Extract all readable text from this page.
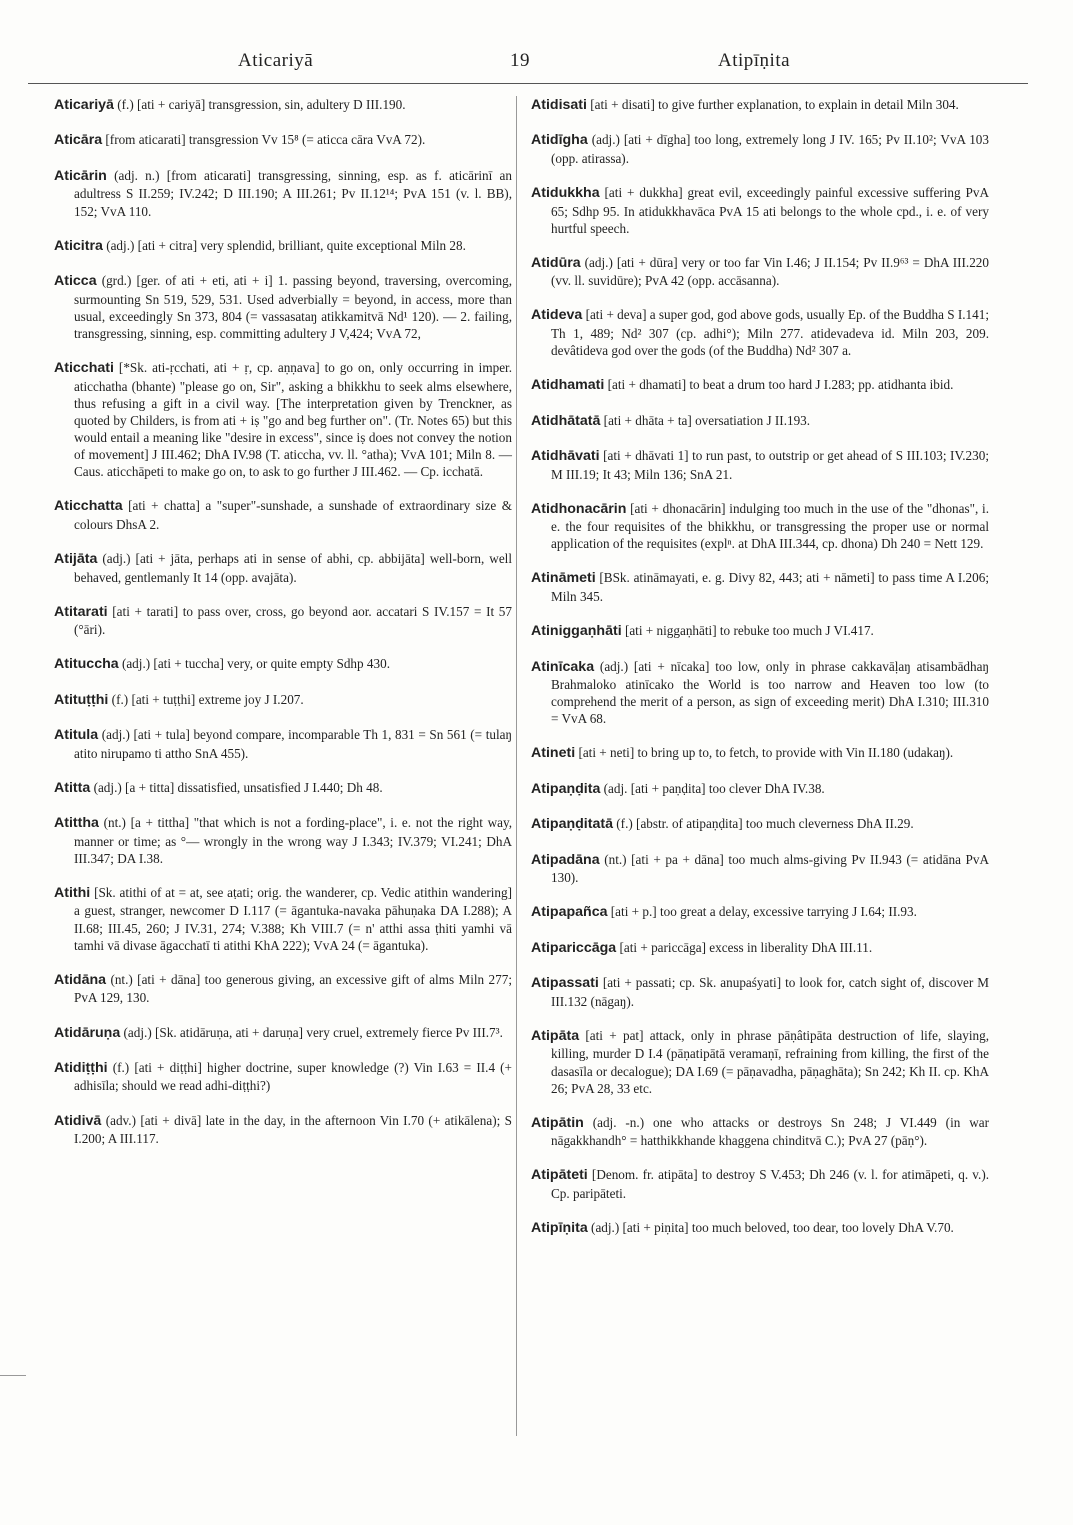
Aticariyā	19	Atipīṇita

Aticariyā (f.) [ati + cariyā] transgression, sin, adultery D III.190.

Aticāra [from aticarati] transgression Vv 15⁸ (= aticca cāra VvA 72).

Aticārin (adj. n.) [from aticarati] transgressing, sinning, esp. as f. aticārinī an adultress S II.259; IV.242; D III.190; A III.261; Pv II.12¹⁴; PvA 151 (v. l. BB), 152; VvA 110.

Aticitra (adj.) [ati + citra] very splendid, brilliant, quite exceptional Miln 28.

Aticca (grd.) [ger. of ati + eti, ati + i] 1. passing beyond, traversing, overcoming, surmounting Sn 519, 529, 531. Used adverbially = beyond, in access, more than usual, exceedingly Sn 373, 804 (= vassasataŋ atikkamitvā Nd¹ 120). — 2. failing, transgressing, sinning, esp. committing adultery J V,424; VvA 72,

Aticchati [*Sk. ati-ṛcchati, ati + ṛ, cp. aṇṇava] to go on, only occurring in imper. aticchatha (bhante) "please go on, Sir", asking a bhikkhu to seek alms elsewhere, thus refusing a gift in a civil way. [The interpretation given by Trenckner, as quoted by Childers, is from ati + iṣ "go and beg further on". (Tr. Notes 65) but this would entail a meaning like "desire in excess", since iṣ does not convey the notion of movement] J III.462; DhA IV.98 (T. aticcha, vv. ll. °atha); VvA 101; Miln 8. — Caus. aticchāpeti to make go on, to ask to go further J III.462. — Cp. icchatā.

Aticchatta [ati + chatta] a "super"-sunshade, a sunshade of extraordinary size & colours DhsA 2.

Atijāta (adj.) [ati + jāta, perhaps ati in sense of abhi, cp. abbijāta] well-born, well behaved, gentlemanly It 14 (opp. avajāta).

Atitarati [ati + tarati] to pass over, cross, go beyond aor. accatari S IV.157 = It 57 (°āri).

Atituccha (adj.) [ati + tuccha] very, or quite empty Sdhp 430.

Atituṭṭhi (f.) [ati + tuṭṭhi] extreme joy J I.207.

Atitula (adj.) [ati + tula] beyond compare, incomparable Th 1, 831 = Sn 561 (= tulaŋ atito nirupamo ti attho SnA 455).

Atitta (adj.) [a + titta] dissatisfied, unsatisfied J I.440; Dh 48.

Atittha (nt.) [a + tittha] "that which is not a fording-place", i. e. not the right way, manner or time; as °— wrongly in the wrong way J I.343; IV.379; VI.241; DhA III.347; DA I.38.

Atithi [Sk. atithi of at = at, see aṭati; orig. the wanderer, cp. Vedic atithin wandering] a guest, stranger, newcomer D I.117 (= āgantuka-navaka pāhuṇaka DA I.288); A II.68; III.45, 260; J IV.31, 274; V.388; Kh VIII.7 (= n' atthi assa ṭhiti yamhi vā tamhi vā divase āgacchatī ti atithi KhA 222); VvA 24 (= āgantuka).

Atidāna (nt.) [ati + dāna] too generous giving, an excessive gift of alms Miln 277; PvA 129, 130.

Atidāruṇa (adj.) [Sk. atidāruṇa, ati + daruṇa] very cruel, extremely fierce Pv III.7³.

Atidiṭṭhi (f.) [ati + diṭṭhi] higher doctrine, super knowledge (?) Vin I.63 = II.4 (+ adhisīla; should we read adhi-diṭṭhi?)

Atidivā (adv.) [ati + divā] late in the day, in the afternoon Vin I.70 (+ atikālena); S I.200; A III.117.

Atidisati [ati + disati] to give further explanation, to explain in detail Miln 304.

Atidīgha (adj.) [ati + dīgha] too long, extremely long J IV. 165; Pv II.10²; VvA 103 (opp. atirassa).

Atidukkha [ati + dukkha] great evil, exceedingly painful excessive suffering PvA 65; Sdhp 95. In atidukkhavāca PvA 15 ati belongs to the whole cpd., i. e. of very hurtful speech.

Atidūra (adj.) [ati + dūra] very or too far Vin I.46; J II.154; Pv II.9⁶³ = DhA III.220 (vv. ll. suvidūre); PvA 42 (opp. accāsanna).

Atideva [ati + deva] a super god, god above gods, usually Ep. of the Buddha S I.141; Th 1, 489; Nd² 307 (cp. adhi°); Miln 277. atidevadeva id. Miln 203, 209. devâtideva god over the gods (of the Buddha) Nd² 307 a.

Atidhamati [ati + dhamati] to beat a drum too hard J I.283; pp. atidhanta ibid.

Atidhātatā [ati + dhāta + ta] oversatiation J II.193.

Atidhāvati [ati + dhāvati 1] to run past, to outstrip or get ahead of S III.103; IV.230; M III.19; It 43; Miln 136; SnA 21.

Atidhonacārin [ati + dhonacārin] indulging too much in the use of the "dhonas", i. e. the four requisites of the bhikkhu, or transgressing the proper use or normal application of the requisites (explⁿ. at DhA III.344, cp. dhona) Dh 240 = Nett 129.

Atināmeti [BSk. atināmayati, e. g. Divy 82, 443; ati + nāmeti] to pass time A I.206; Miln 345.

Atiniggaṇhāti [ati + niggaṇhāti] to rebuke too much J VI.417.

Atinīcaka (adj.) [ati + nīcaka] too low, only in phrase cakkavāḷaŋ atisambādhaŋ Brahmaloko atinīcako the World is too narrow and Heaven too low (to comprehend the merit of a person, as sign of exceeding merit) DhA I.310; III.310 = VvA 68.

Atineti [ati + neti] to bring up to, to fetch, to provide with Vin II.180 (udakaŋ).

Atipaṇḍita (adj. [ati + paṇḍita] too clever DhA IV.38.

Atipaṇḍitatā (f.) [abstr. of atipaṇḍita] too much cleverness DhA II.29.

Atipadāna (nt.) [ati + pa + dāna] too much alms-giving Pv II.943 (= atidāna PvA 130).

Atipapañca [ati + p.] too great a delay, excessive tarrying J I.64; II.93.

Atipariccāga [ati + pariccāga] excess in liberality DhA III.11.

Atipassati [ati + passati; cp. Sk. anupaśyati] to look for, catch sight of, discover M III.132 (nāgaŋ).

Atipāta [ati + pat] attack, only in phrase pāṇâtipāta destruction of life, slaying, killing, murder D I.4 (pāṇatipātā veramaṇī, refraining from killing, the first of the dasasīla or decalogue); DA I.69 (= pāṇavadha, pāṇaghāta); Sn 242; Kh II. cp. KhA 26; PvA 28, 33 etc.

Atipātin (adj. -n.) one who attacks or destroys Sn 248; J VI.449 (in war nāgakkhandh° = hatthikkhande khaggena chinditvā C.); PvA 27 (pāṇ°).

Atipāteti [Denom. fr. atipāta] to destroy S V.453; Dh 246 (v. l. for atimāpeti, q. v.). Cp. paripāteti.

Atipīṇita (adj.) [ati + piṇita] too much beloved, too dear, too lovely DhA V.70.
